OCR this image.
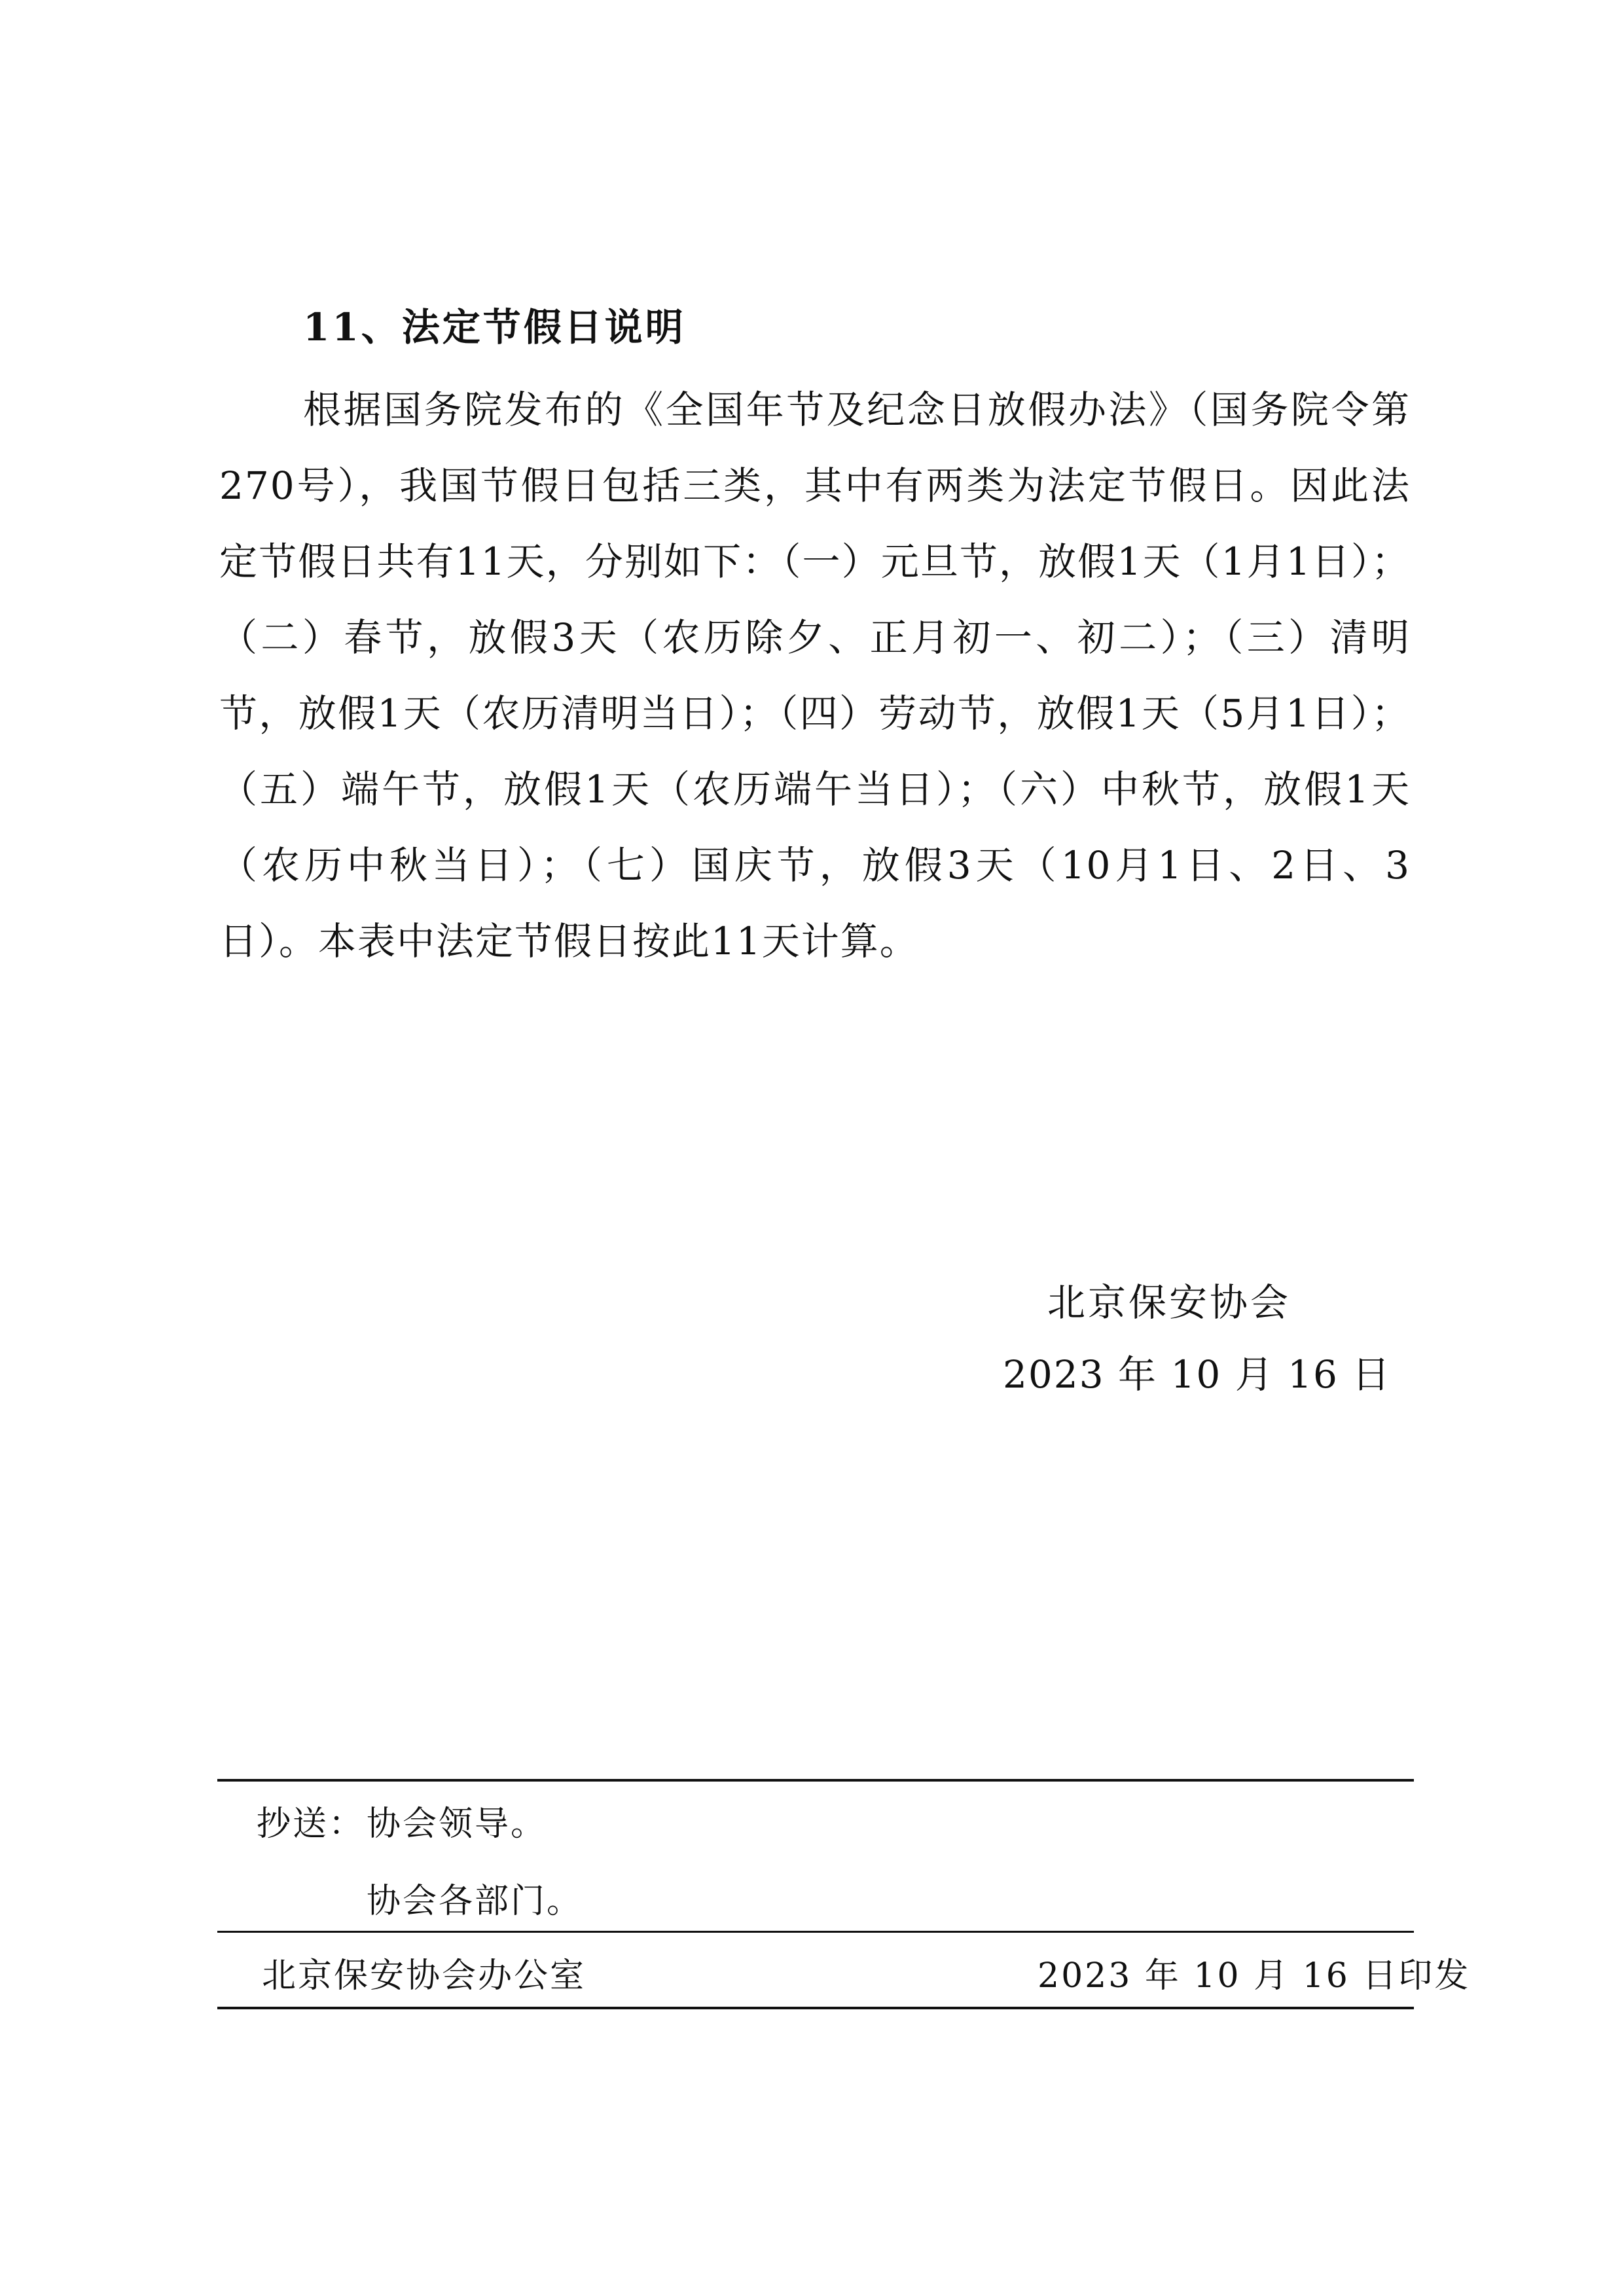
11、法定节假日说明

根据国务院发布的《全国年节及纪念日放假办法》（国务院令第270号），我国节假日包括三类，其中有两类为法定节假日。因此法定节假日共有11天，分别如下：（一）元旦节，放假1天（1月1日）；（二）春节，放假3天（农历除夕、正月初一、初二）；（三）清明节，放假1天（农历清明当日）；（四）劳动节，放假1天（5月1日）；（五）端午节，放假1天（农历端午当日）；（六）中秋节，放假1天（农历中秋当日）；（七）国庆节，放假3天（10月1日、2日、3日）。本表中法定节假日按此11天计算。

北京保安协会
2023 年 10 月 16 日
抄送： 协会领导。
协会各部门。
北京保安协会办公室	2023 年 10 月 16 日印发
